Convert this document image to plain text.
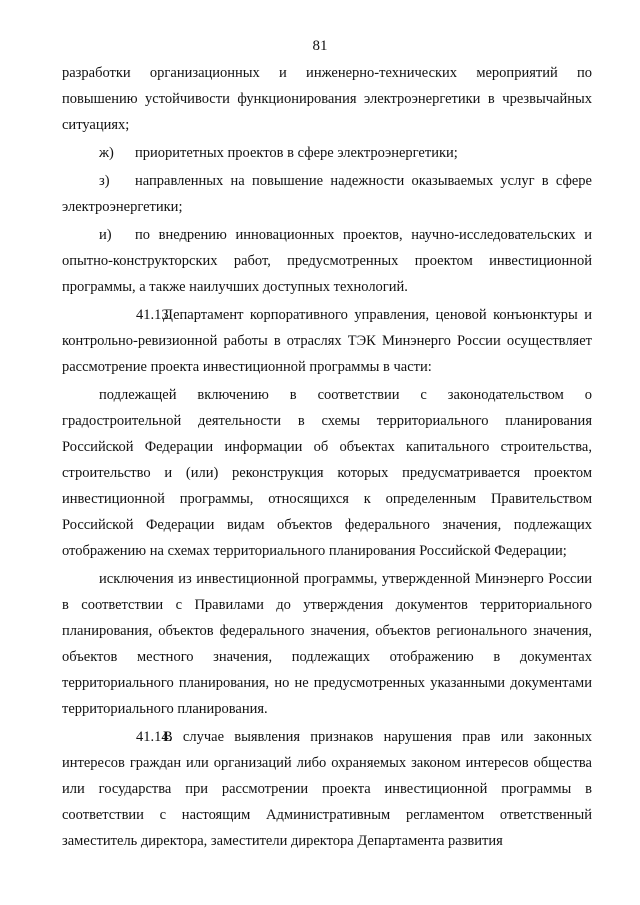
81

разработки организационных и инженерно-технических мероприятий по повышению устойчивости функционирования электроэнергетики в чрезвычайных ситуациях;

ж) приоритетных проектов в сфере электроэнергетики;

з) направленных на повышение надежности оказываемых услуг в сфере электроэнергетики;

и) по внедрению инновационных проектов, научно-исследовательских и опытно-конструкторских работ, предусмотренных проектом инвестиционной программы, а также наилучших доступных технологий.

41.13.Департамент корпоративного управления, ценовой конъюнктуры и контрольно-ревизионной работы в отраслях ТЭК Минэнерго России осуществляет рассмотрение проекта инвестиционной программы в части:

подлежащей включению в соответствии с законодательством о градостроительной деятельности в схемы территориального планирования Российской Федерации информации об объектах капитального строительства, строительство и (или) реконструкция которых предусматривается проектом инвестиционной программы, относящихся к определенным Правительством Российской Федерации видам объектов федерального значения, подлежащих отображению на схемах территориального планирования Российской Федерации;

исключения из инвестиционной программы, утвержденной Минэнерго России в соответствии с Правилами до утверждения документов территориального планирования, объектов федерального значения, объектов регионального значения, объектов местного значения, подлежащих отображению в документах территориального планирования, но не предусмотренных указанными документами территориального планирования.

41.14.В случае выявления признаков нарушения прав или законных интересов граждан или организаций либо охраняемых законом интересов общества или государства при рассмотрении проекта инвестиционной программы в соответствии с настоящим Административным регламентом ответственный заместитель директора, заместители директора Департамента развития
